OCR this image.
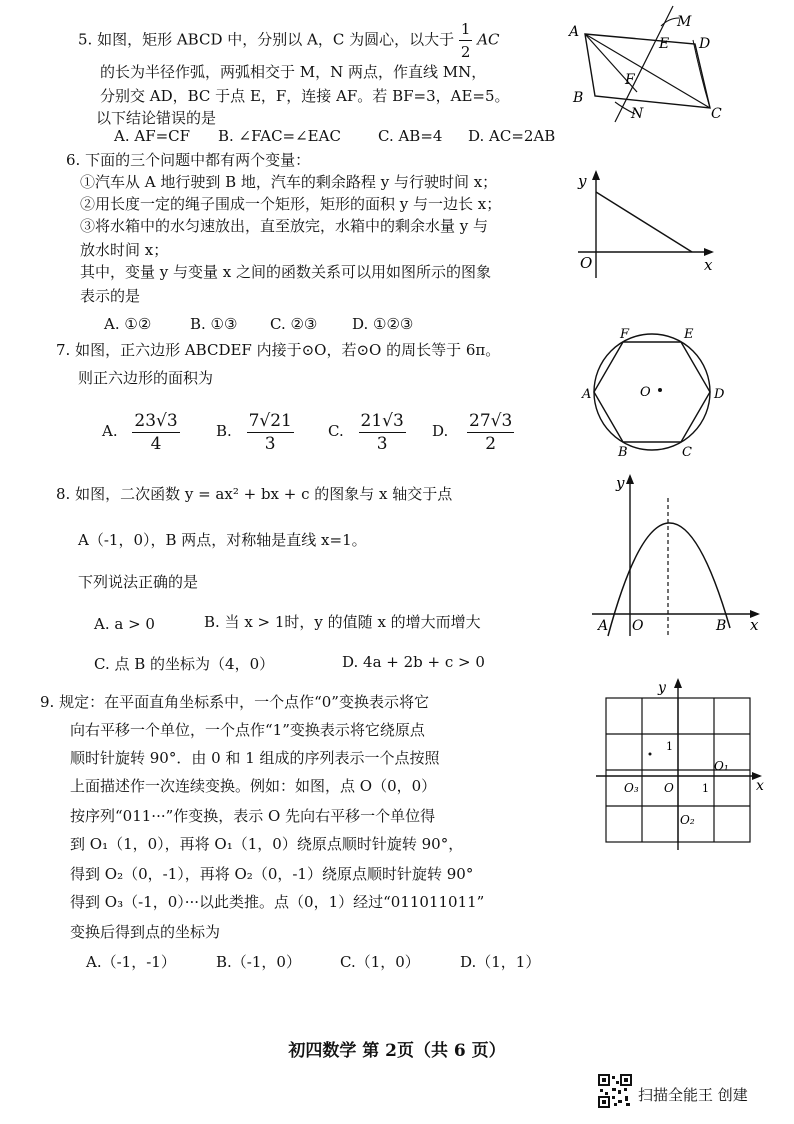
5. 如图，矩形 ABCD 中，分别以 A，C 为圆心，以大于 $\frac{1}{2}$ AC
的长为半径作弧，两弧相交于 M，N 两点，作直线 MN，
分别交 AD，BC 于点 E，F，连接 AF。若 BF=3，AE=5。
以下结论错误的是
A. AF=CF B. ∠FAC=∠EAC C. AB=4 D. AC=2AB
A
B
C
D
E
F
M
N
6. 下面的三个问题中都有两个变量：
①汽车从 A 地行驶到 B 地，汽车的剩余路程 y 与行驶时间 x；
②用长度一定的绳子围成一个矩形，矩形的面积 y 与一边长 x；
③将水箱中的水匀速放出，直至放完，水箱中的剩余水量 y 与
放水时间 x；
其中，变量 y 与变量 x 之间的函数关系可以用如图所示的图象
表示的是
A. ①②	B. ①③ C. ②③ D. ①②③
y
x
O
7. 如图，正六边形 ABCDEF 内接于⊙O，若⊙O 的周长等于 6π。
则正六边形的面积为
A. $\frac{23√3}{4} B$. $\frac{7√21}{3} C$. $\frac{21√3}{3} D$. $\frac{27√3}{2}$
O
A
B	C
D
E
F
8. 如图，二次函数 y = ax² + bx + c 的图象与 x 轴交于点
A（-1，0），B 两点，对称轴是直线 x=1。
下列说法正确的是
A. a > 0	B. 当 x > 1时，y 的值随 x 的增大而增大
C. 点 B 的坐标为（4，0）	D. 4a + 2b + c > 0
y
x
A O	B
9. 规定：在平面直角坐标系中，一个点作“0”变换表示将它
向右平移一个单位，一个点作“1”变换表示将它绕原点
顺时针旋转 90°．由 0 和 1 组成的序列表示一个点按照
上面描述作一次连续变换。例如：如图，点 O（0，0）
按序列“011···”作变换，表示 O 先向右平移一个单位得
到 O₁（1，0），再将 O₁（1，0）绕原点顺时针旋转 90°，
得到 O₂（0，-1），再将 O₂（0，-1）绕原点顺时针旋转 90°
得到 O₃（-1，0）···以此类推。点（0，1）经过“011011011”
变换后得到点的坐标为
A.（-1，-1）	B.（-1，0）	C.（1，0）	D.（1，1）
y
x
O
1
1
O₁
O₂
O₃
初四数学 第 2页（共 6 页）
扫描全能王 创建
